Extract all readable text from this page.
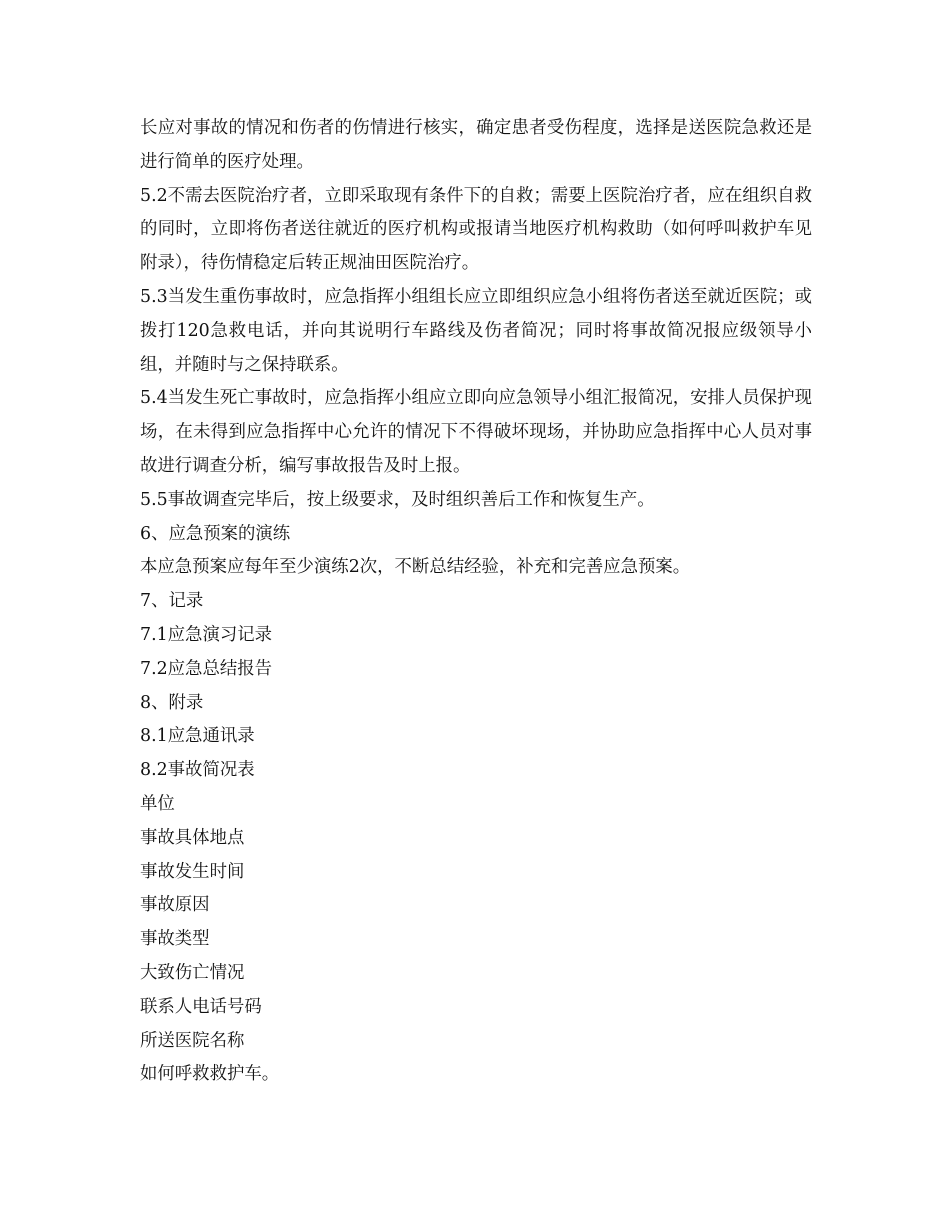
长应对事故的情况和伤者的伤情进行核实，确定患者受伤程度，选择是送医院急救还是进行简单的医疗处理。

5.2不需去医院治疗者，立即采取现有条件下的自救；需要上医院治疗者，应在组织自救的同时，立即将伤者送往就近的医疗机构或报请当地医疗机构救助（如何呼叫救护车见附录），待伤情稳定后转正规油田医院治疗。

5.3当发生重伤事故时，应急指挥小组组长应立即组织应急小组将伤者送至就近医院；或拨打120急救电话，并向其说明行车路线及伤者简况；同时将事故简况报应级领导小组，并随时与之保持联系。

5.4当发生死亡事故时，应急指挥小组应立即向应急领导小组汇报简况，安排人员保护现场，在未得到应急指挥中心允许的情况下不得破坏现场，并协助应急指挥中心人员对事故进行调查分析，编写事故报告及时上报。

5.5事故调查完毕后，按上级要求，及时组织善后工作和恢复生产。

6、应急预案的演练

本应急预案应每年至少演练2次，不断总结经验，补充和完善应急预案。

7、记录

7.1应急演习记录

7.2应急总结报告

8、附录

8.1应急通讯录

8.2事故简况表

单位

事故具体地点

事故发生时间

事故原因

事故类型

大致伤亡情况

联系人电话号码

所送医院名称

如何呼救救护车。
